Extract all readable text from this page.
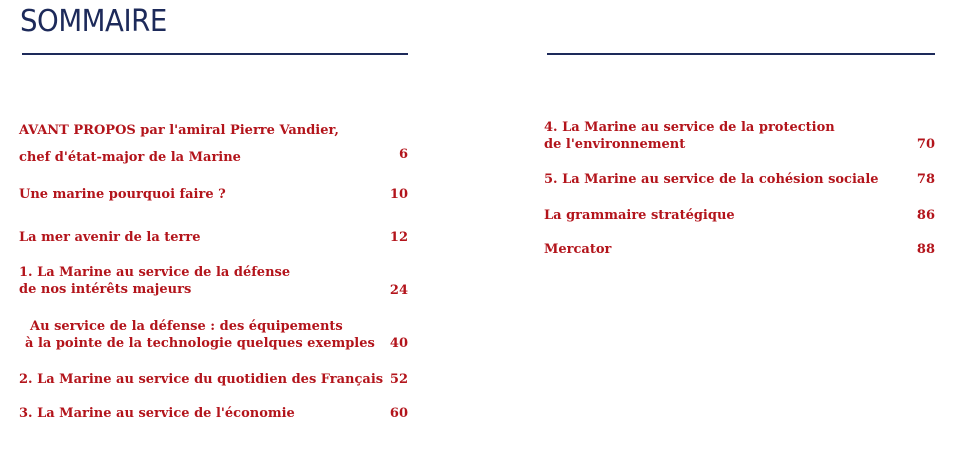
SOMMAIRE
AVANT PROPOS par l'amiral Pierre Vandier,
chef d'état-major de la Marine	6
Une marine pourquoi faire ?	10
La mer avenir de la terre	12
1. La Marine au service de la défense
de nos intérêts majeurs	24
Au service de la défense : des équipements
à la pointe de la technologie quelques exemples	40
2. La Marine au service du quotidien des Français 52
3. La Marine au service de l'économie	60
4. La Marine au service de la protection
de l'environnement	70
5. La Marine au service de la cohésion sociale	78
La grammaire stratégique	86
Mercator	88
